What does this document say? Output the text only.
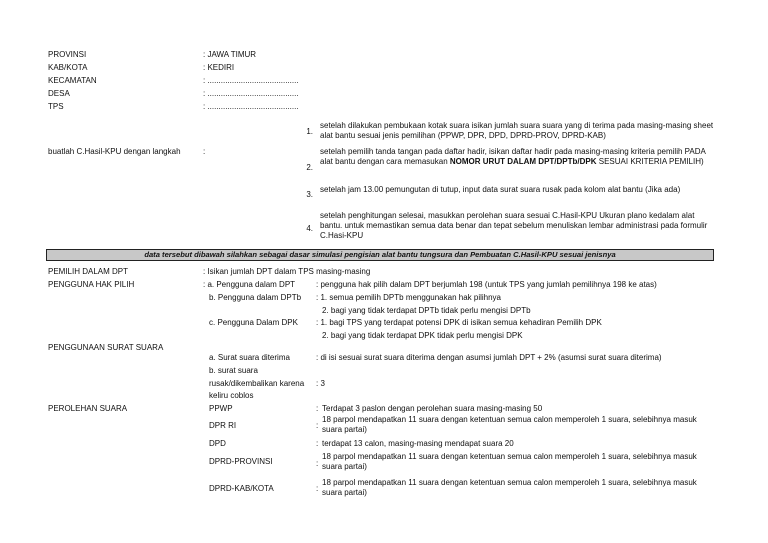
PROVINSI	: JAWA TIMUR
KAB/KOTA	: KEDIRI
KECAMATAN	: .........................................
DESA	: .........................................
TPS	: .........................................
buatlah C.Hasil-KPU dengan langkah	:
1.
setelah dilakukan pembukaan kotak suara isikan jumlah suara suara yang di terima pada masing-masing sheet alat bantu sesuai jenis pemilihan (PPWP, DPR, DPD, DPRD-PROV, DPRD-KAB)
2.
setelah pemilih tanda tangan pada daftar hadir, isikan daftar hadir pada masing-masing kriteria pemilih PADA alat bantu dengan cara memasukan NOMOR URUT DALAM DPT/DPTb/DPK SESUAI KRITERIA PEMILIH)
3.
setelah jam 13.00 pemungutan di tutup, input data surat suara rusak pada kolom alat bantu (Jika ada)
4.
setelah penghitungan selesai, masukkan perolehan suara sesuai C.Hasil-KPU Ukuran plano kedalam alat bantu. untuk memastikan semua data benar dan tepat sebelum menuliskan lembar administrasi pada formulir C.Hasi-KPU
data tersebut dibawah silahkan sebagai dasar simulasi pengisian alat bantu tungsura dan Pembuatan C.Hasil-KPU sesuai jenisnya
PEMILIH DALAM DPT	: Isikan jumlah DPT dalam TPS masing-masing
PENGGUNA HAK PILIH	: a. Pengguna dalam DPT	: pengguna hak pilih dalam DPT berjumlah 198 (untuk TPS yang jumlah pemilihnya 198 ke atas)
b. Pengguna dalam DPTb : 1. semua pemilih DPTb menggunakan hak pilihnya
2. bagi yang tidak terdapat DPTb tidak perlu mengisi DPTb
c. Pengguna Dalam DPK : 1. bagi TPS yang terdapat potensi DPK di isikan semua kehadiran Pemilih DPK
2. bagi yang tidak terdapat DPK tidak perlu mengisi DPK
PENGGUNAAN SURAT SUARA
a. Surat suara diterima	: di isi sesuai surat suara diterima dengan asumsi jumlah DPT + 2% (asumsi surat suara diterima)
b. surat suara
rusak/dikembalikan karena : 3
keliru coblos
PEROLEHAN SUARA	PPWP	: Terdapat 3 paslon dengan perolehan suara masing-masing 50
DPR RI	:
18 parpol mendapatkan 11 suara dengan ketentuan semua calon memperoleh 1 suara, selebihnya masuk suara partai)
DPD	: terdapat 13 calon, masing-masing mendapat suara 20
DPRD-PROVINSI	:
18 parpol mendapatkan 11 suara dengan ketentuan semua calon memperoleh 1 suara, selebihnya masuk suara partai)
DPRD-KAB/KOTA	:
18 parpol mendapatkan 11 suara dengan ketentuan semua calon memperoleh 1 suara, selebihnya masuk suara partai)
